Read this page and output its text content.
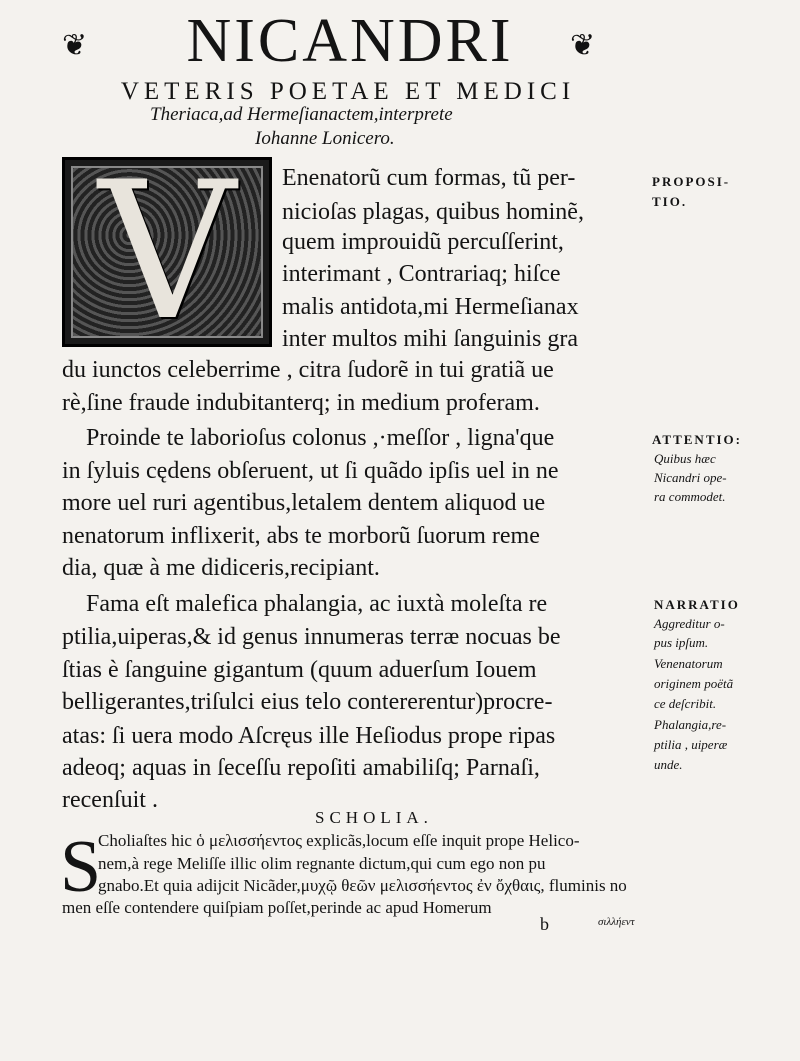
❦	NICANDRI	❦
VETERIS POETAE ET MEDICI
Theriaca,ad Hermeſianactem,interprete
Iohanne Lonicero.
V	Enenatorũ cum formas, tũ per-
nicioſas plagas, quibus hominẽ,
quem improuidũ percuſſerint,
interimant , Contrariaq; hiſce
malis antidota,mi Hermeſianax
inter multos mihi ſanguinis gra
du iunctos celeberrime , citra ſudorẽ in tui gratiã ue
rè,ſine fraude indubitanterq; in medium proferam.
Proinde te laborioſus colonus ,·meſſor , ligna'que
in ſyluis cędens obſeruent, ut ſi quãdo ipſis uel in ne
more uel ruri agentibus,letalem dentem aliquod ue
nenatorum inflixerit, abs te morborũ ſuorum reme
dia, quæ à me didiceris,recipiant.
Fama eſt malefica phalangia, ac iuxtà moleſta re
ptilia,uiperas,& id genus innumeras terræ nocuas be
ſtias è ſanguine gigantum (quum aduerſum Iouem
belligerantes,triſulci eius telo contererentur)procre-
atas: ſi uera modo Aſcręus ille Heſiodus prope ripas
adeoq; aquas in ſeceſſu repoſiti amabiliſq; Parnaſi,
recenſuit .
PROPOSI-
TIO.
ATTENTIO:
Quibus hæc
Nicandri ope-
ra commodet.
NARRATIO
Aggreditur o-
pus ipſum.
Venenatorum
originem poëtã
ce deſcribit.
Phalangia,re-
ptilia , uiperæ
unde.
SCHOLIA.
S
Choliaſtes hic ὁ μελισσήεντος explicãs,locum eſſe inquit prope Helico-
nem,à rege Meliſſe illic olim regnante dictum,qui cum ego non pu
gnabo.Et quia adijcit Nicãder,μυχῷ θεῶν μελισσήεντος ἐν ὄχθαις, fluminis no
men eſſe contendere quiſpiam poſſet,perinde ac apud Homerum
b	σιλλήεντ
